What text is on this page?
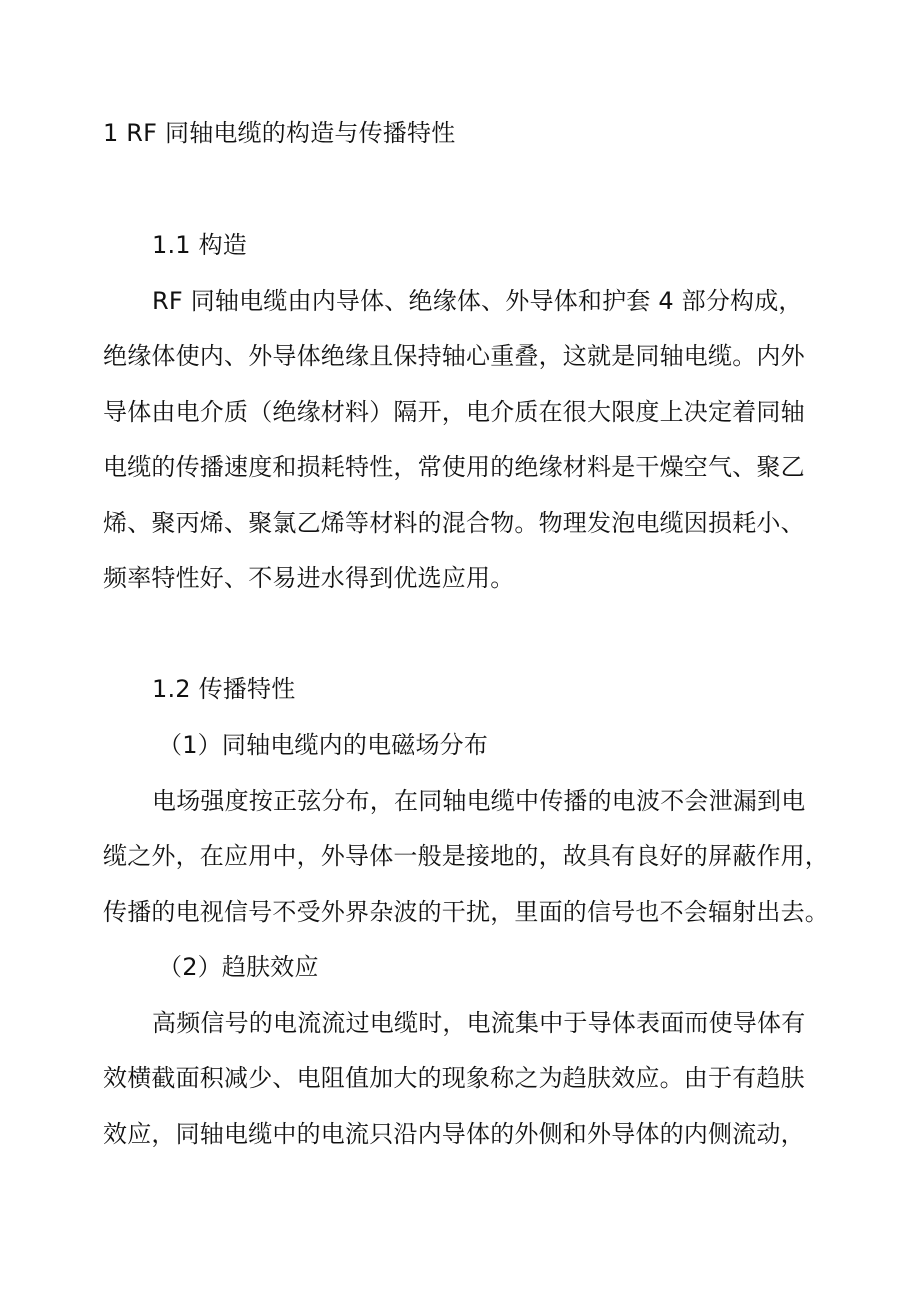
1 RF 同轴电缆的构造与传播特性
1.1 构造
RF 同轴电缆由内导体、绝缘体、外导体和护套 4 部分构成，
绝缘体使内、外导体绝缘且保持轴心重叠，这就是同轴电缆。内外
导体由电介质（绝缘材料）隔开，电介质在很大限度上决定着同轴
电缆的传播速度和损耗特性，常使用的绝缘材料是干燥空气、聚乙
烯、聚丙烯、聚氯乙烯等材料的混合物。物理发泡电缆因损耗小、
频率特性好、不易进水得到优选应用。
1.2 传播特性
（1）同轴电缆内的电磁场分布
电场强度按正弦分布，在同轴电缆中传播的电波不会泄漏到电
缆之外，在应用中，外导体一般是接地的，故具有良好的屏蔽作用，
传播的电视信号不受外界杂波的干扰，里面的信号也不会辐射出去。
（2）趋肤效应
高频信号的电流流过电缆时，电流集中于导体表面而使导体有
效横截面积减少、电阻值加大的现象称之为趋肤效应。由于有趋肤
效应，同轴电缆中的电流只沿内导体的外侧和外导体的内侧流动，
